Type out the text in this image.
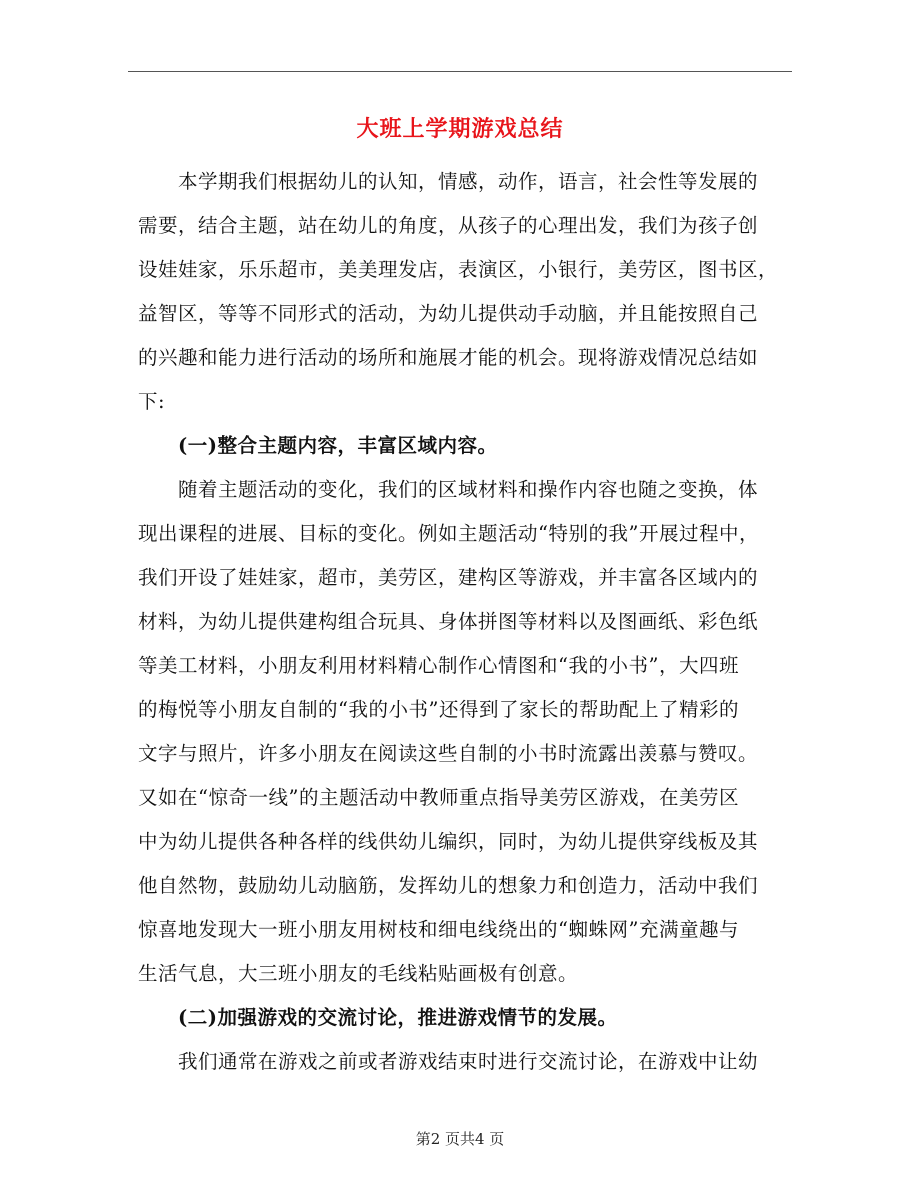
大班上学期游戏总结
　　本学期我们根据幼儿的认知，情感，动作，语言，社会性等发展的
需要，结合主题，站在幼儿的角度，从孩子的心理出发，我们为孩子创
设娃娃家，乐乐超市，美美理发店，表演区，小银行，美劳区，图书区，
益智区，等等不同形式的活动，为幼儿提供动手动脑，并且能按照自己
的兴趣和能力进行活动的场所和施展才能的机会。现将游戏情况总结如
下:
　　(一)整合主题内容，丰富区域内容。
　　随着主题活动的变化，我们的区域材料和操作内容也随之变换，体
现出课程的进展、目标的变化。例如主题活动“特别的我”开展过程中，
我们开设了娃娃家，超市，美劳区，建构区等游戏，并丰富各区域内的
材料，为幼儿提供建构组合玩具、身体拼图等材料以及图画纸、彩色纸
等美工材料，小朋友利用材料精心制作心情图和“我的小书”，大四班
的梅悦等小朋友自制的“我的小书”还得到了家长的帮助配上了精彩的
文字与照片，许多小朋友在阅读这些自制的小书时流露出羡慕与赞叹。
又如在“惊奇一线”的主题活动中教师重点指导美劳区游戏，在美劳区
中为幼儿提供各种各样的线供幼儿编织，同时，为幼儿提供穿线板及其
他自然物，鼓励幼儿动脑筋，发挥幼儿的想象力和创造力，活动中我们
惊喜地发现大一班小朋友用树枝和细电线绕出的“蜘蛛网”充满童趣与
生活气息，大三班小朋友的毛线粘贴画极有创意。
　　(二)加强游戏的交流讨论，推进游戏情节的发展。
　　我们通常在游戏之前或者游戏结束时进行交流讨论，在游戏中让幼
第2 页共4 页
